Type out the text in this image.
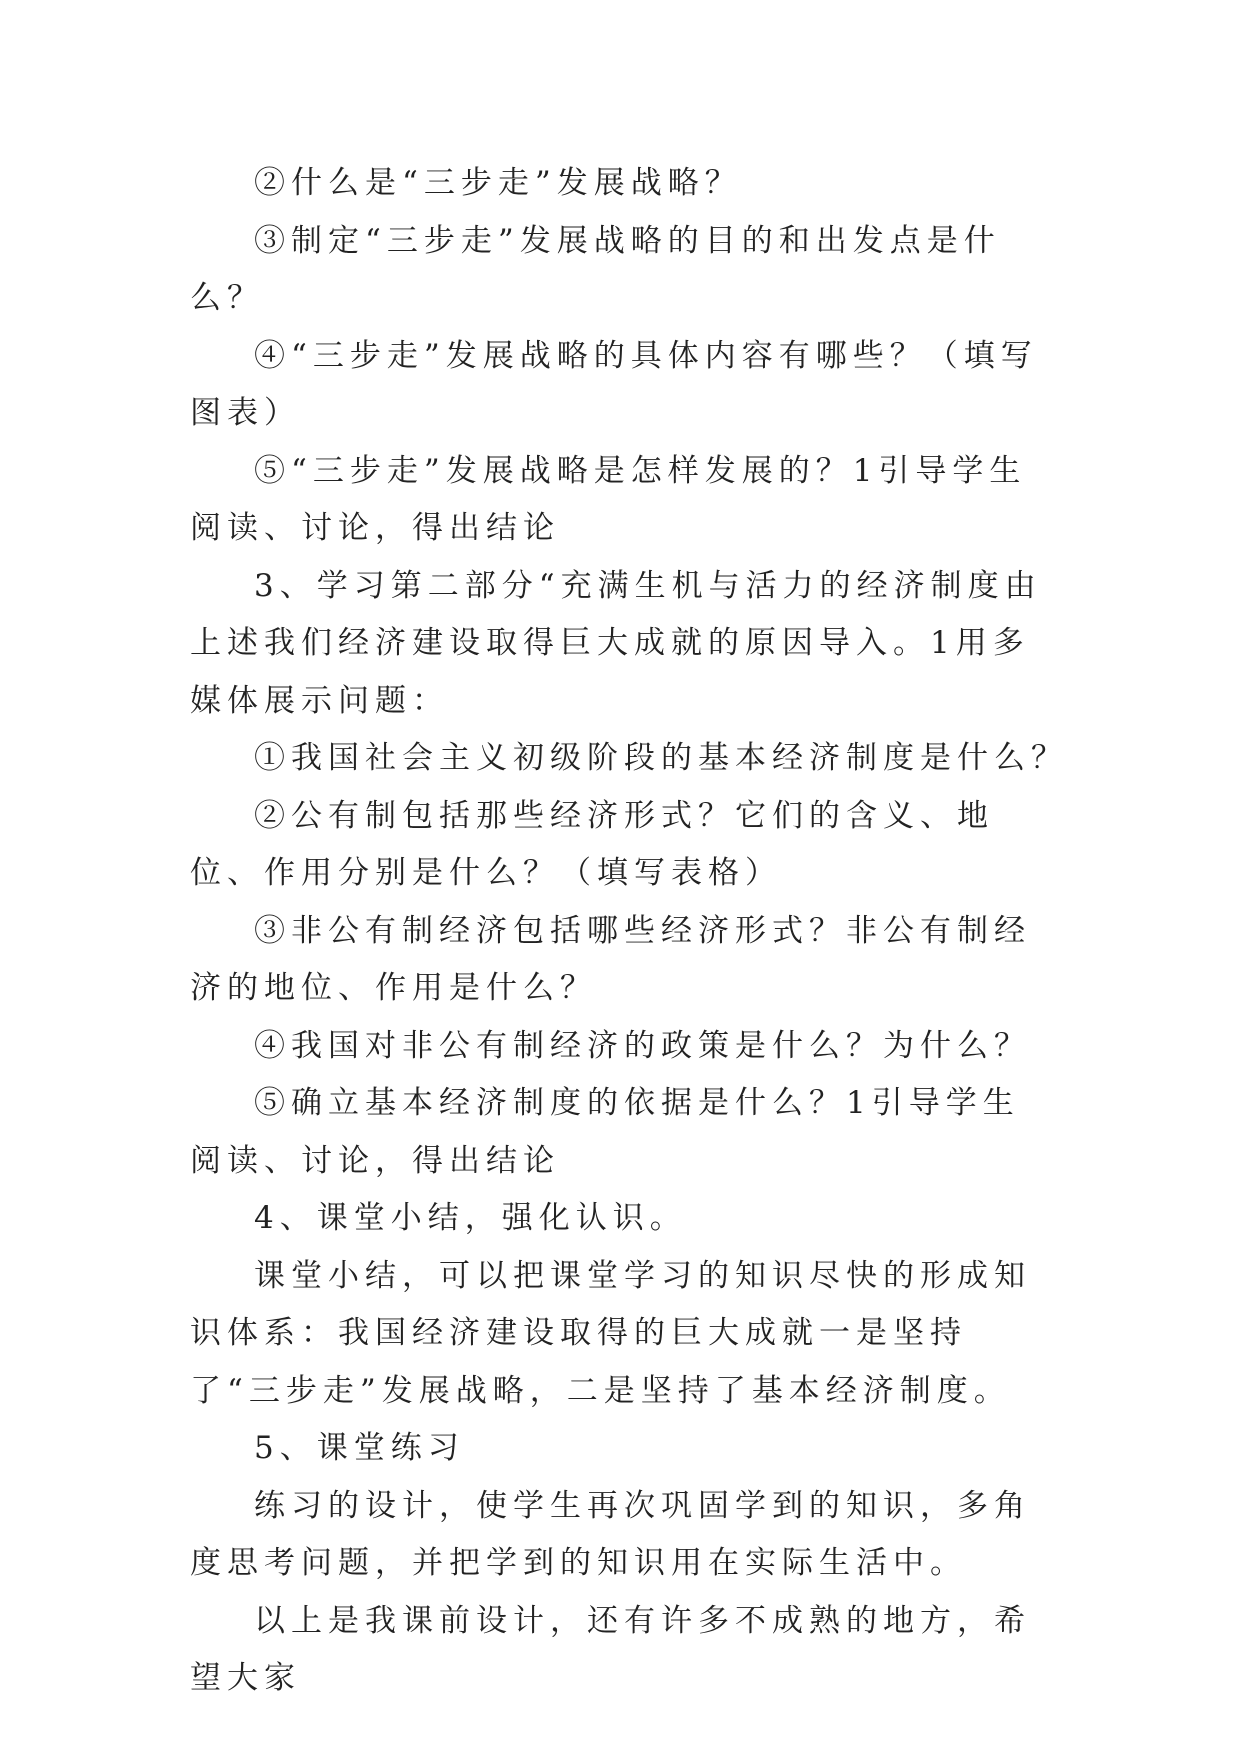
②什么是“三步走”发展战略？

③制定“三步走”发展战略的目的和出发点是什么？

④“三步走”发展战略的具体内容有哪些？（填写图表）

⑤“三步走”发展战略是怎样发展的？1引导学生阅读、讨论，得出结论

3、学习第二部分“充满生机与活力的经济制度由上述我们经济建设取得巨大成就的原因导入。1用多媒体展示问题：

①我国社会主义初级阶段的基本经济制度是什么？

②公有制包括那些经济形式？它们的含义、地位、作用分别是什么？（填写表格）

③非公有制经济包括哪些经济形式？非公有制经济的地位、作用是什么？

④我国对非公有制经济的政策是什么？为什么？

⑤确立基本经济制度的依据是什么？1引导学生阅读、讨论，得出结论

4、课堂小结，强化认识。

课堂小结，可以把课堂学习的知识尽快的形成知识体系：我国经济建设取得的巨大成就一是坚持了“三步走”发展战略，二是坚持了基本经济制度。

5、课堂练习

练习的设计，使学生再次巩固学到的知识，多角度思考问题，并把学到的知识用在实际生活中。

以上是我课前设计，还有许多不成熟的地方，希望大家
